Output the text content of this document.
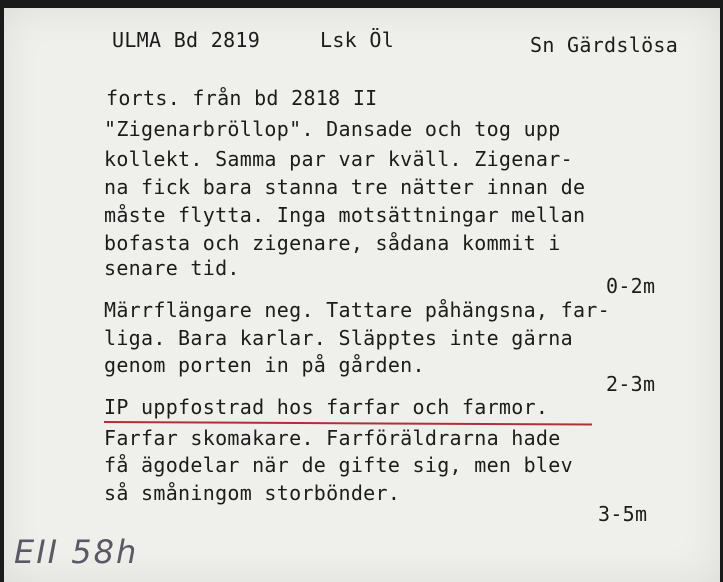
ULMA Bd 2819	Lsk Öl	Sn Gärdslösa
forts. från bd 2818 II
"Zigenarbröllop". Dansade och tog upp
kollekt. Samma par var kväll. Zigenar-
na fick bara stanna tre nätter innan de
måste flytta. Inga motsättningar mellan
bofasta och zigenare, sådana kommit i
senare tid.
0-2m
Märrflängare neg. Tattare påhängsna, far-
liga. Bara karlar. Släpptes inte gärna
genom porten in på gården.
2-3m
IP uppfostrad hos farfar och farmor.
Farfar skomakare. Farföräldrarna hade
få ägodelar när de gifte sig, men blev
så småningom storbönder.
3-5m
EII 58h
